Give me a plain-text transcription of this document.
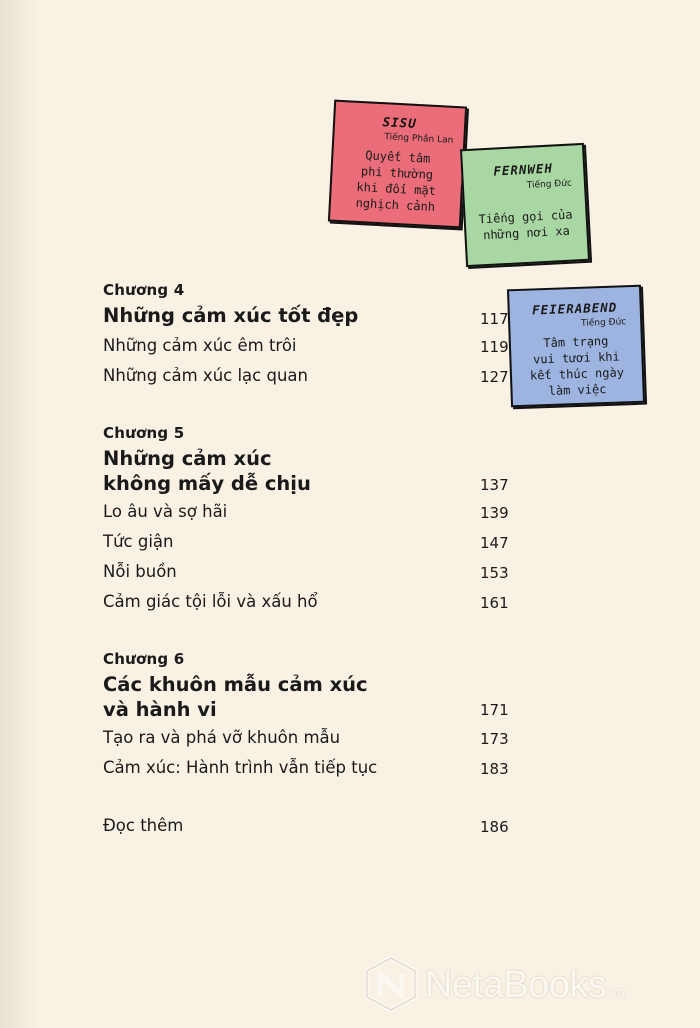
SISU
Tiếng Phần Lan
Quyết tâm
phi thường
khi đối mặt
nghịch cảnh
FERNWEH
Tiếng Đức
Tiếng gọi của
những nơi xa
FEIERABEND
Tiếng Đức
Tâm trạng
vui tươi khi
kết thúc ngày
làm việc
Chương 4
Những cảm xúc tốt đẹp	117
Những cảm xúc êm trôi	119
Những cảm xúc lạc quan	127
Chương 5
Những cảm xúc
không mấy dễ chịu	137
Lo âu và sợ hãi	139
Tức giận	147
Nỗi buồn	153
Cảm giác tội lỗi và xấu hổ	161
Chương 6
Các khuôn mẫu cảm xúc
và hành vi	171
Tạo ra và phá vỡ khuôn mẫu	173
Cảm xúc: Hành trình vẫn tiếp tục	183
Đọc thêm	186
NetaBooks.vn
